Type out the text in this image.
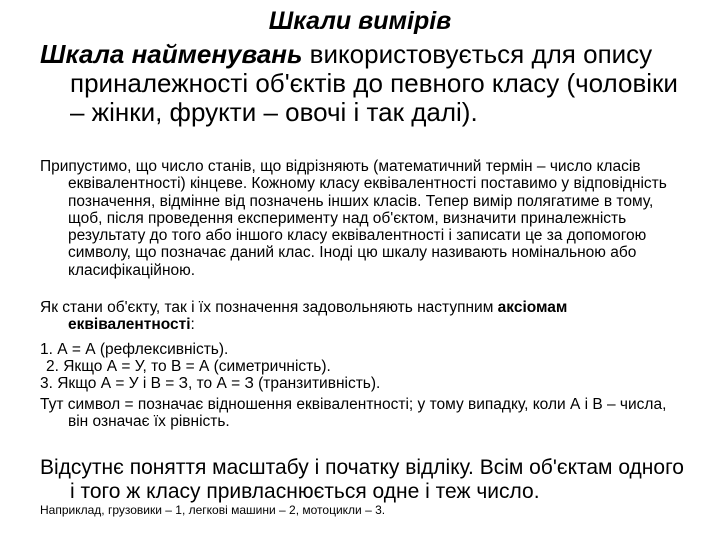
Шкали вимірів
Шкала найменувань використовується для опису приналежності об'єктів до певного класу (чоловіки – жінки, фрукти – овочі і так далі).
Припустимо, що число станів, що відрізняють (математичний термін – число класів еквівалентності) кінцеве. Кожному класу еквівалентності поставимо у відповідність позначення, відмінне від позначень інших класів. Тепер вимір полягатиме в тому, щоб, після проведення експерименту над об'єктом, визначити приналежність результату до того або іншого класу еквівалентності і записати це за допомогою символу, що позначає даний клас. Іноді цю шкалу називають номінальною або класифікаційною.
Як стани об'єкту, так і їх позначення задовольняють наступним аксіомам еквівалентності:
1. А = А (рефлексивність).
2. Якщо А = У, то В = А (симетричність).
3. Якщо А = У і В = З, то А = З (транзитивність).
Тут символ = позначає відношення еквівалентності; у тому випадку, коли А і В – числа, він означає їх рівність.
Відсутнє поняття масштабу і початку відліку. Всім об'єктам одного і того ж класу привласнюється одне і теж число.
Наприклад, грузовики – 1, легкові машини – 2, мотоцикли – 3.
